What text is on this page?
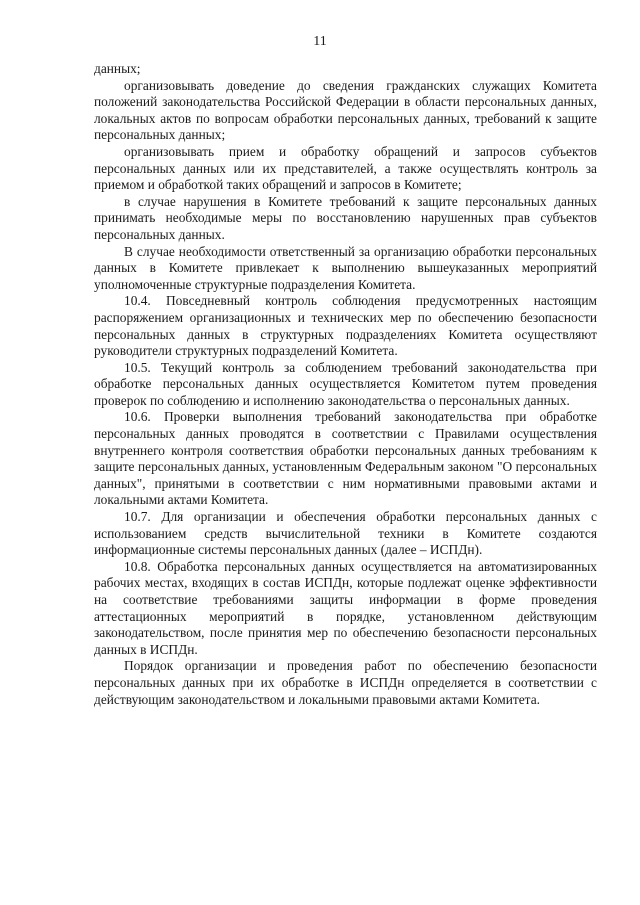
11

данных;

организовывать доведение до сведения гражданских служащих Комитета положений законодательства Российской Федерации в области персональных данных, локальных актов по вопросам обработки персональных данных, требований к защите персональных данных;

организовывать прием и обработку обращений и запросов субъектов персональных данных или их представителей, а также осуществлять контроль за приемом и обработкой таких обращений и запросов в Комитете;

в случае нарушения в Комитете требований к защите персональных данных принимать необходимые меры по восстановлению нарушенных прав субъектов персональных данных.

В случае необходимости ответственный за организацию обработки персональных данных в Комитете привлекает к выполнению вышеуказанных мероприятий уполномоченные структурные подразделения Комитета.

10.4. Повседневный контроль соблюдения предусмотренных настоящим распоряжением организационных и технических мер по обеспечению безопасности персональных данных в структурных подразделениях Комитета осуществляют руководители структурных подразделений Комитета.

10.5. Текущий контроль за соблюдением требований законодательства при обработке персональных данных осуществляется Комитетом путем проведения проверок по соблюдению и исполнению законодательства о персональных данных.

10.6. Проверки выполнения требований законодательства при обработке персональных данных проводятся в соответствии с Правилами осуществления внутреннего контроля соответствия обработки персональных данных требованиям к защите персональных данных, установленным Федеральным законом "О персональных данных", принятыми в соответствии с ним нормативными правовыми актами и локальными актами Комитета.

10.7. Для организации и обеспечения обработки персональных данных с использованием средств вычислительной техники в Комитете создаются информационные системы персональных данных (далее – ИСПДн).

10.8. Обработка персональных данных осуществляется на автоматизированных рабочих местах, входящих в состав ИСПДн, которые подлежат оценке эффективности на соответствие требованиями защиты информации в форме проведения аттестационных мероприятий в порядке, установленном действующим законодательством, после принятия мер по обеспечению безопасности персональных данных в ИСПДн.

Порядок организации и проведения работ по обеспечению безопасности персональных данных при их обработке в ИСПДн определяется в соответствии с действующим законодательством и локальными правовыми актами Комитета.
